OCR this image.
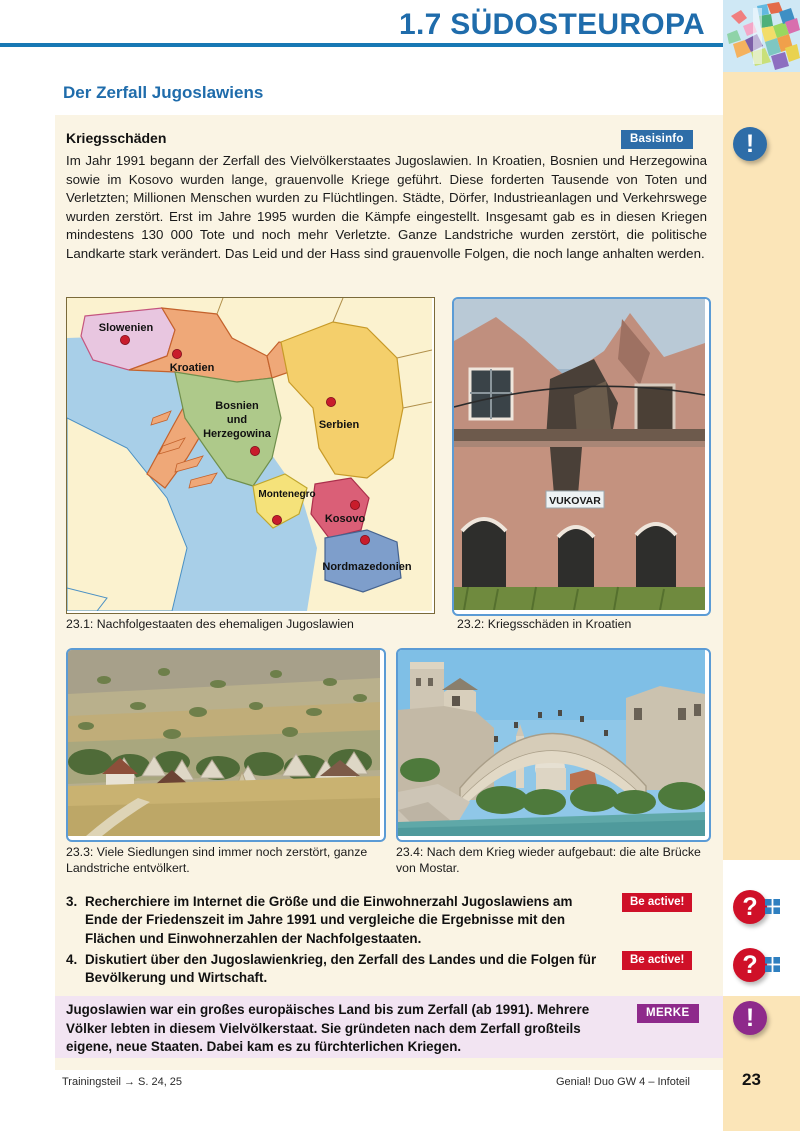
1.7 SÜDOSTEUROPA
Der Zerfall Jugoslawiens
Kriegsschäden	Basisinfo
Im Jahr 1991 begann der Zerfall des Vielvölkerstaates Jugoslawien. In Kroatien, Bosnien und Herzegowina sowie im Kosovo wurden lange, grauenvolle Kriege geführt. Diese forderten Tausende von Toten und Verletzten; Millionen Menschen wurden zu Flüchtlingen. Städte, Dörfer, Industrieanlagen und Verkehrswege wurden zerstört. Erst im Jahre 1995 wurden die Kämpfe eingestellt. Insgesamt gab es in diesen Kriegen mindestens 130 000 Tote und noch mehr Verletzte. Ganze Landstriche wurden zerstört, die politische Landkarte stark verändert. Das Leid und der Hass sind grauenvolle Folgen, die noch lange anhalten werden.
Slowenien
Kroatien
Bosnien
und
Herzegowina
Serbien
Montenegro
Kosovo
Nordmazedonien
23.1: Nachfolgestaaten des ehemaligen Jugoslawien
VUKOVAR
23.2: Kriegsschäden in Kroatien
23.3: Viele Siedlungen sind immer noch zerstört, ganze Landstriche entvölkert.
23.4: Nach dem Krieg wieder aufgebaut: die alte Brücke von Mostar.
3. Recherchiere im Internet die Größe und die Einwohnerzahl Jugoslawiens am Ende der Friedenszeit im Jahre 1991 und vergleiche die Ergebnisse mit den Flächen und Einwohnerzahlen der Nachfolgestaaten.
Be active!
4. Diskutiert über den Jugoslawienkrieg, den Zerfall des Landes und die Folgen für Bevölkerung und Wirtschaft.
Be active!
Jugoslawien war ein großes europäisches Land bis zum Zerfall (ab 1991). Mehrere Völker lebten in diesem Vielvölkerstaat. Sie gründeten nach dem Zerfall großteils eigene, neue Staaten. Dabei kam es zu fürchterlichen Kriegen.
MERKE
Trainingsteil → S. 24, 25	Genial! Duo GW 4 – Infoteil	23
!
?
?
!
